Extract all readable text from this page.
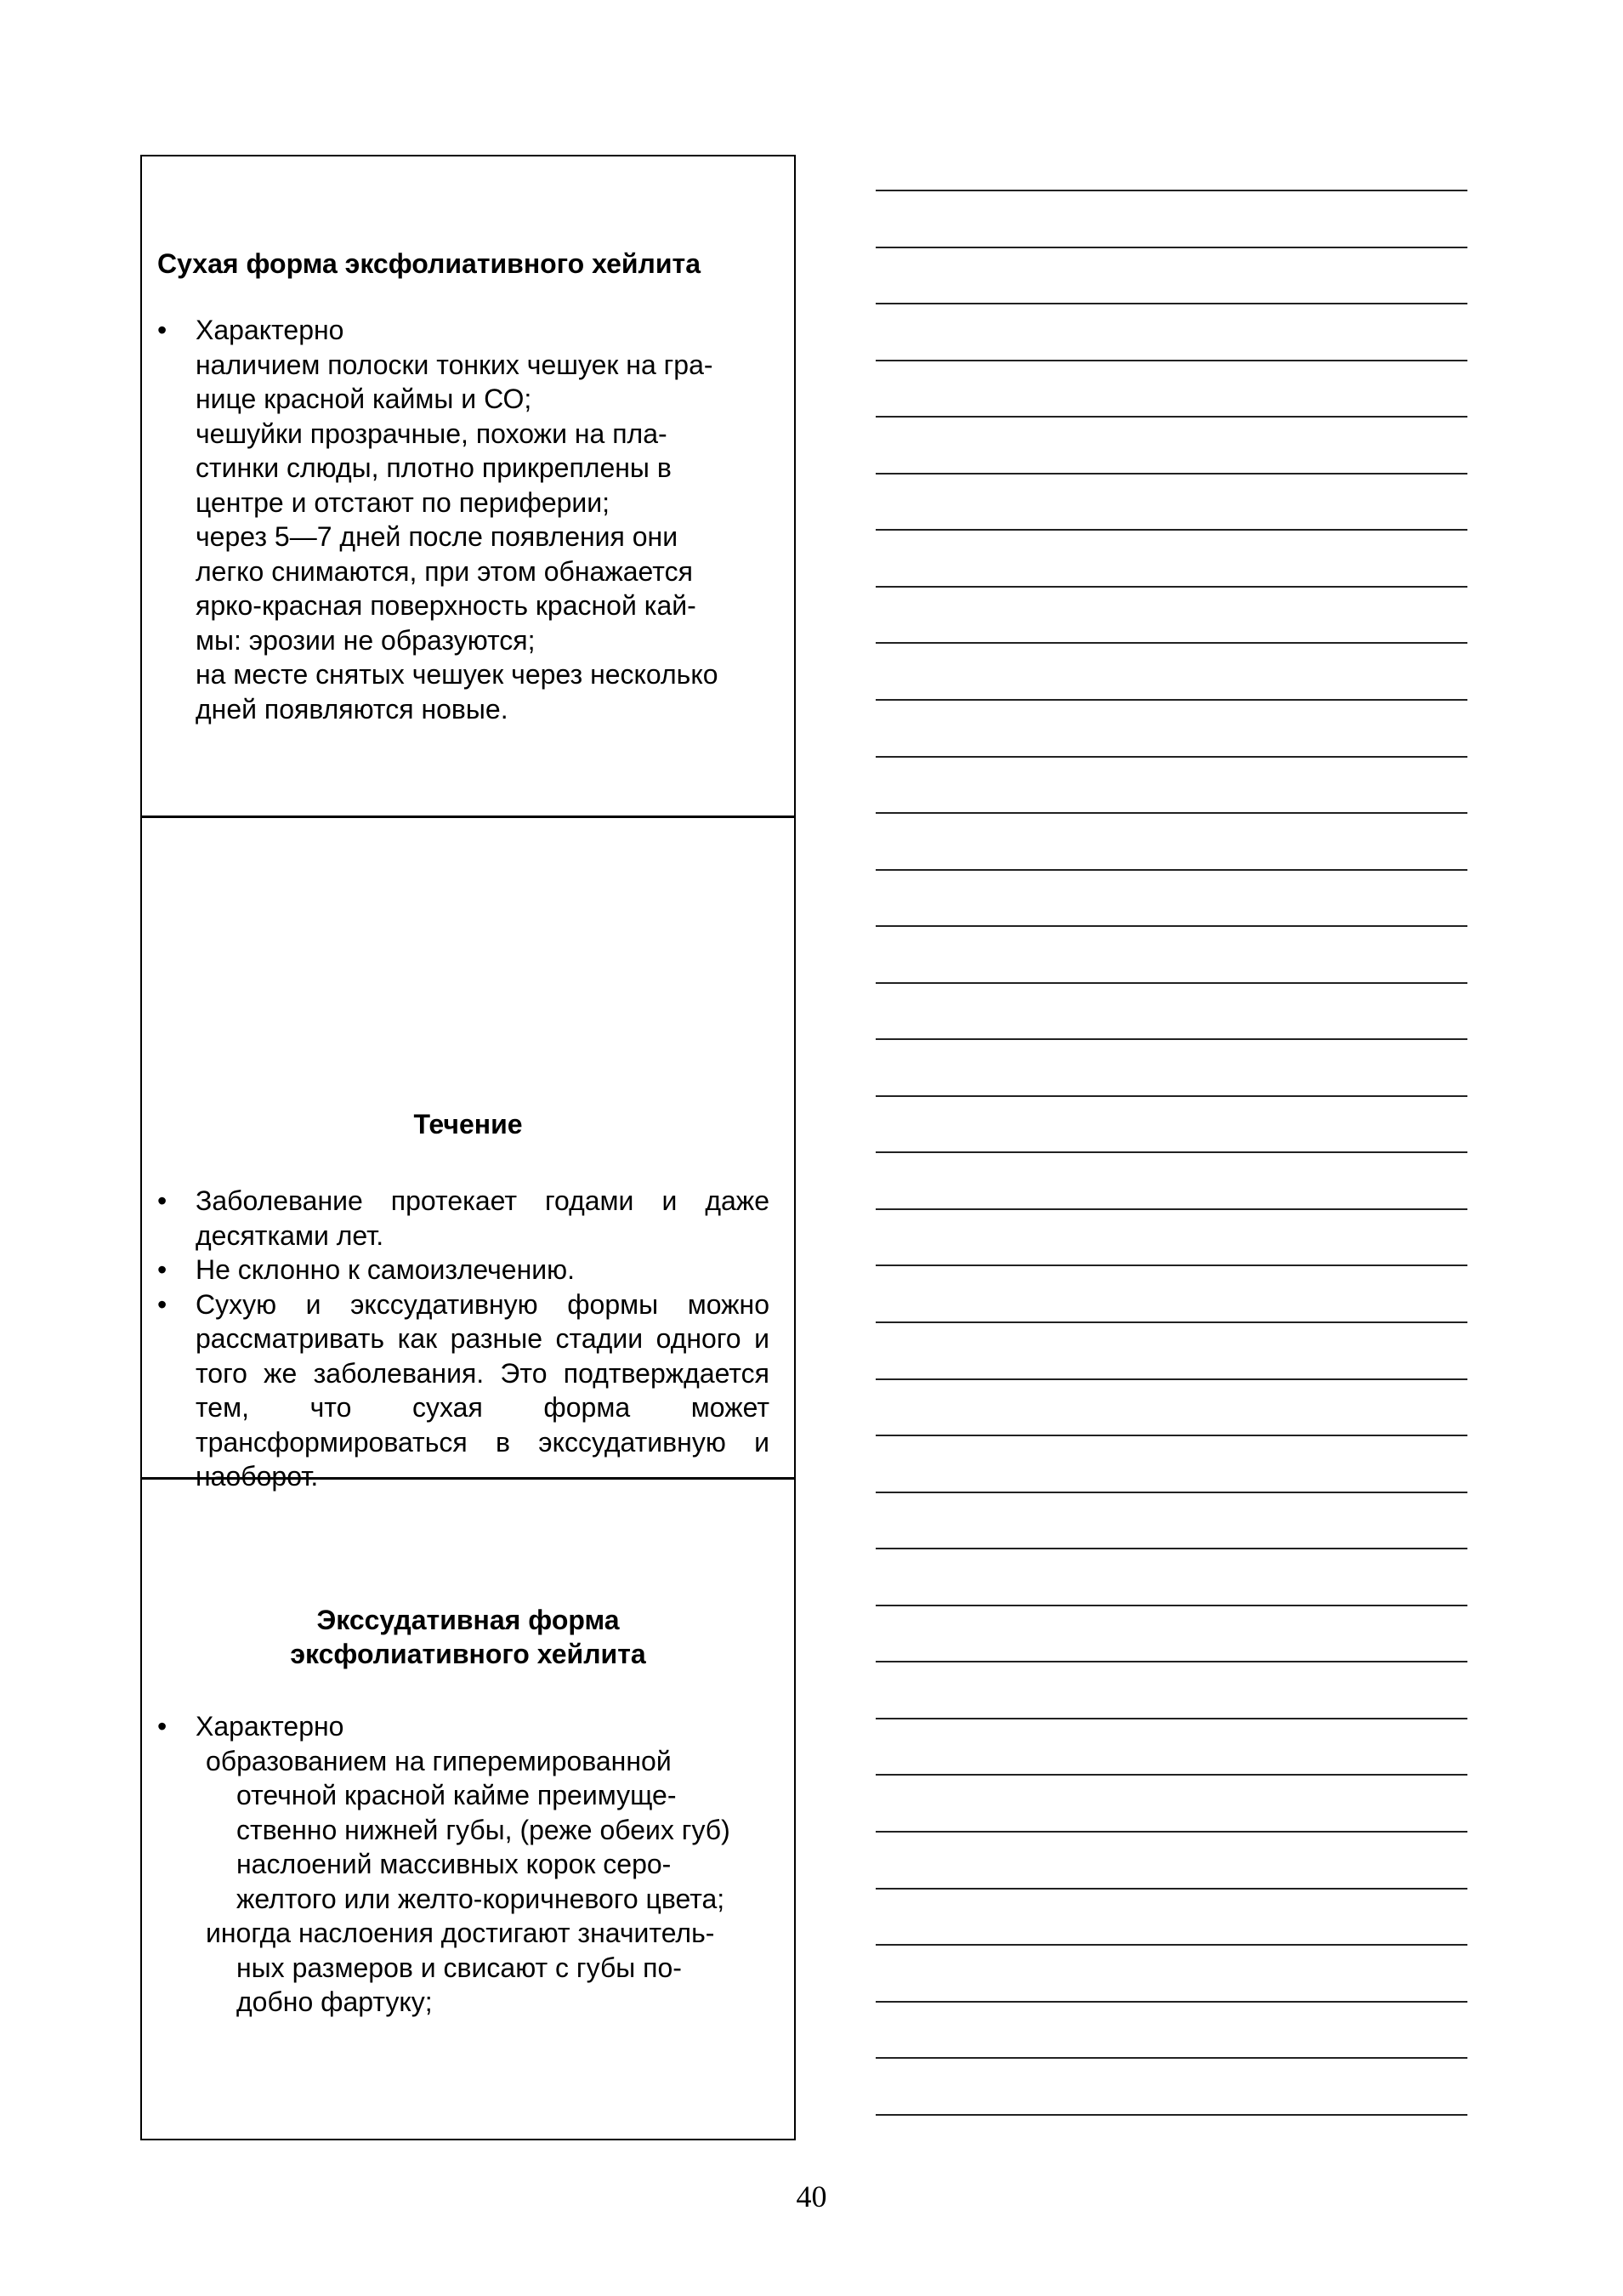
Сухая форма эксфолиативного хейлита
•	Характерно
наличием полоски тонких чешуек на гра-
нице красной каймы и СО;
чешуйки прозрачные, похожи на пла-
стинки слюды, плотно прикреплены в
центре и отстают по периферии;
через 5—7 дней после появления они
легко снимаются, при этом обнажается
ярко-красная поверхность красной кай-
мы: эрозии не образуются;
на месте снятых чешуек через несколько
дней появляются новые.
Течение
•	Заболевание протекает годами и даже десятками лет.
•	Не склонно к самоизлечению.
•	Сухую и экссудативную формы можно рассматривать как разные стадии одного и того же заболевания. Это подтверждается тем, что сухая форма может трансформироваться в экссудативную и наоборот.
Экссудативная форма
эксфолиативного хейлита
•	Характерно
образованием на гиперемированной
отечной красной кайме преимуще-
ственно нижней губы, (реже обеих губ)
наслоений массивных корок серо-
желтого или желто-коричневого цвета;
иногда наслоения достигают значитель-
ных размеров и свисают с губы по-
добно фартуку;
40
